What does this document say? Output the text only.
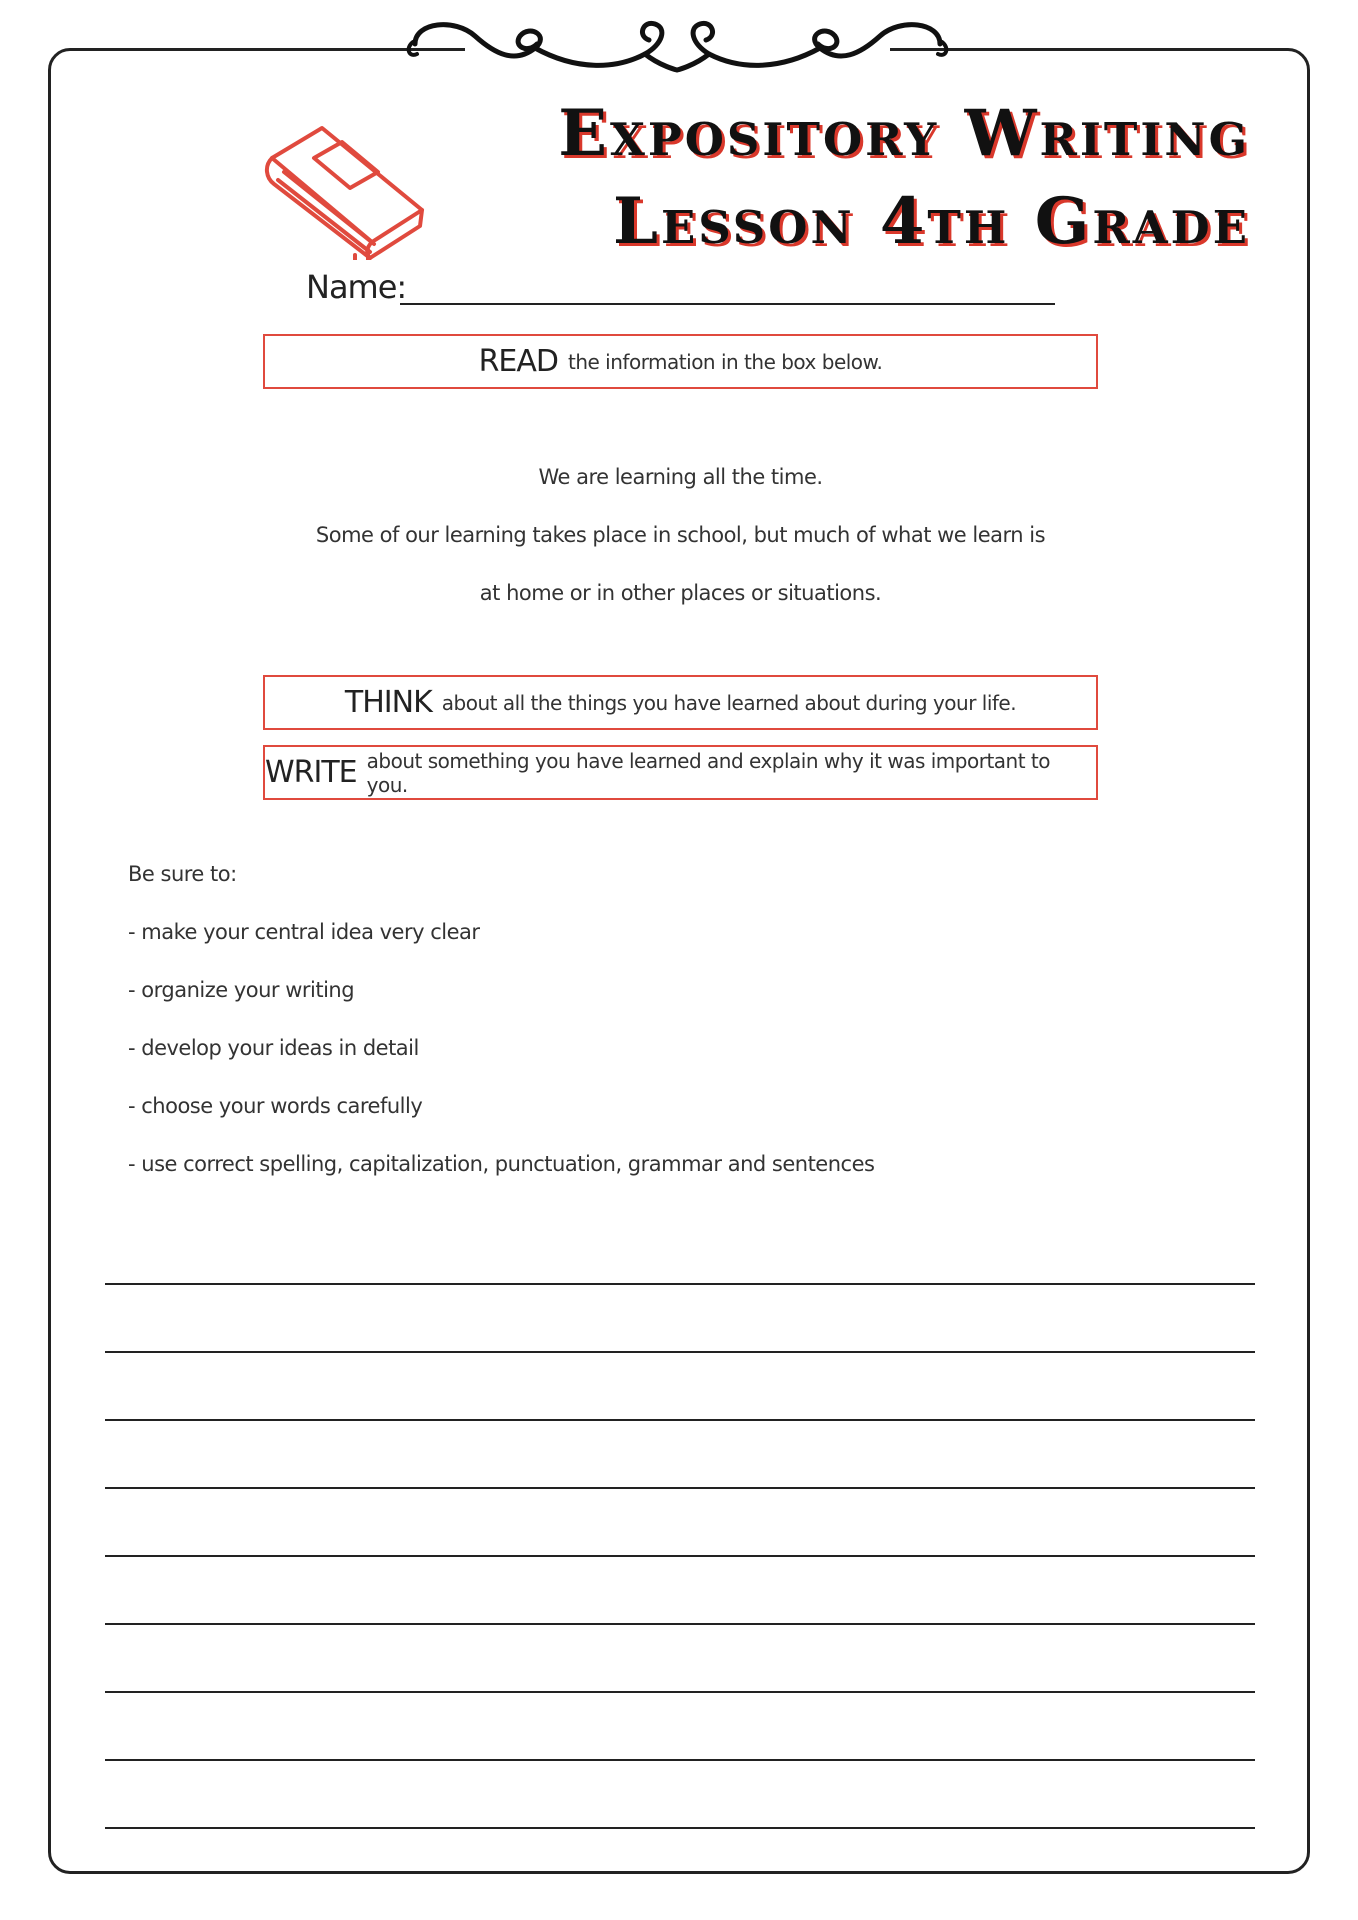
Expository Writing
Lesson 4th Grade
Name:
READ the information in the box below.

We are learning all the time.

Some of our learning takes place in school, but much of what we learn is

at home or in other places or situations.

THINK about all the things you have learned about during your life.
WRITE about something you have learned and explain why it was important to you.

Be sure to:

- make your central idea very clear

- organize your writing

- develop your ideas in detail

- choose your words carefully

- use correct spelling, capitalization, punctuation, grammar and sentences
